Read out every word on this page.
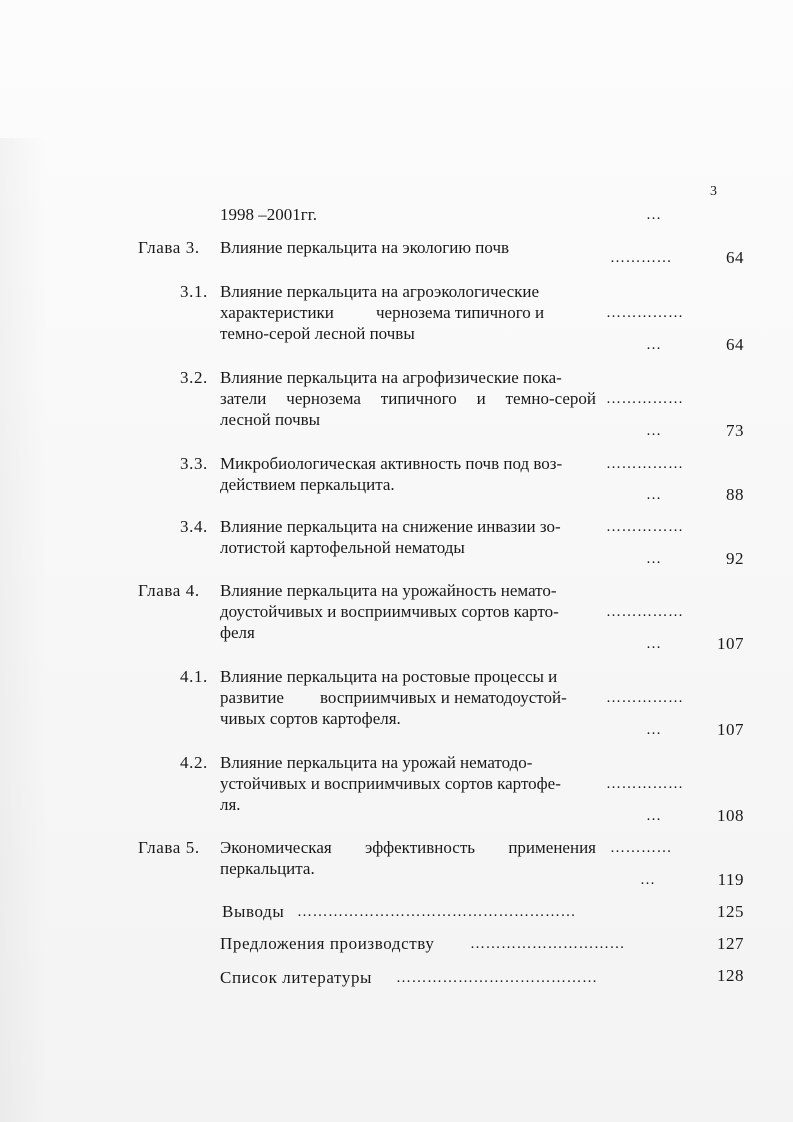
3
1998 –2001гг.	…
Глава 3. Влияние перкальцита на экологию почв
…………	64
3.1. Влияние перкальцита на агроэкологические
характеристики чернозема типичного и
темно-серой лесной почвы
……………
…	64
3.2. Влияние перкальцита на агрофизические пока-
затели чернозема типичного и темно-серой
лесной почвы
……………
…	73
3.3. Микробиологическая активность почв под воз-
действием перкальцита.
……………
…	88
3.4. Влияние перкальцита на снижение инвазии зо-
лотистой картофельной нематоды
……………
…	92
Глава 4. Влияние перкальцита на урожайность немато-
доустойчивых и восприимчивых сортов карто-
феля
……………
…	107
4.1. Влияние перкальцита на ростовые процессы и
развитие восприимчивых и нематодоустой-
чивых сортов картофеля.
……………
…	107
4.2. Влияние перкальцита на урожай нематодо-
устойчивых и восприимчивых сортов картофе-
ля.
……………
…	108
Глава 5. Экономическая эффективность применения
перкальцита.
…………
…	119
Выводы ………………………………………………	125
Предложения производству …………………………	127
Список литературы …………………………………	128
